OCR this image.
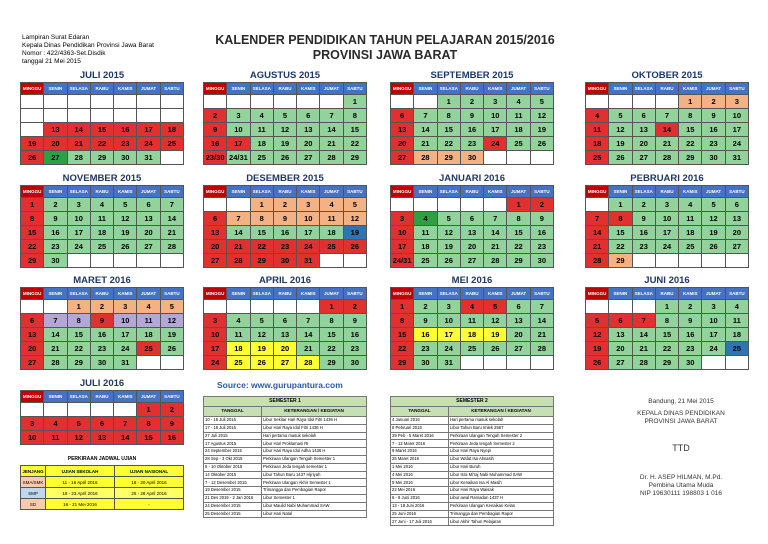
Lampiran Surat Edaran
Kepala Dinas Pendidikan Provinsi Jawa Barat
Nomor : 422/4363-Set.Disdik
tanggal 21 Mei 2015
KALENDER PENDIDIKAN TAHUN PELAJARAN 2015/2016
PROVINSI JAWA BARAT
JULI 2015
MINGGU	SENIN	SELASA	RABU	KAMIS	JUMAT	SABTU

	13	14	15	16	17	18
19	20	21	22	23	24	25
26	27	28	29	30	31	
AGUSTUS 2015
MINGGU	SENIN	SELASA	RABU	KAMIS	JUMAT	SABTU
						1
2	3	4	5	6	7	8
9	10	11	12	13	14	15
16	17	18	19	20	21	22
23/30	24/31	25	26	27	28	29
SEPTEMBER 2015
MINGGU	SENIN	SELASA	RABU	KAMIS	JUMAT	SABTU
		1	2	3	4	5
6	7	8	9	10	11	12
13	14	15	16	17	18	19
20	21	22	23	24	25	26
27	28	29	30			
OKTOBER 2015
MINGGU	SENIN	SELASA	RABU	KAMIS	JUMAT	SABTU
				1	2	3
4	5	6	7	8	9	10
11	12	13	14	15	16	17
18	19	20	21	22	23	24
25	26	27	28	29	30	31
NOVEMBER 2015
MINGGU	SENIN	SELASA	RABU	KAMIS	JUMAT	SABTU
1	2	3	4	5	6	7
8	9	10	11	12	13	14
15	16	17	18	19	20	21
22	23	24	25	26	27	28
29	30					
DESEMBER 2015
MINGGU	SENIN	SELASA	RABU	KAMIS	JUMAT	SABTU
		1	2	3	4	5
6	7	8	9	10	11	12
13	14	15	16	17	18	19
20	21	22	23	24	25	26
27	28	29	30	31		
JANUARI 2016
MINGGU	SENIN	SELASA	RABU	KAMIS	JUMAT	SABTU
					1	2
3	4	5	6	7	8	9
10	11	12	13	14	15	16
17	18	19	20	21	22	23
24/31	25	26	27	28	29	30
PEBRUARI 2016
MINGGU	SENIN	SELASA	RABU	KAMIS	JUMAT	SABTU
	1	2	3	4	5	6
7	8	9	10	11	12	13
14	15	16	17	18	19	20
21	22	23	24	25	26	27
28	29					
MARET 2016
MINGGU	SENIN	SELASA	RABU	KAMIS	JUMAT	SABTU
		1	2	3	4	5
6	7	8	9	10	11	12
13	14	15	16	17	18	19
20	21	22	23	24	25	26
27	28	29	30	31		
APRIL 2016
MINGGU	SENIN	SELASA	RABU	KAMIS	JUMAT	SABTU
					1	2
3	4	5	6	7	8	9
10	11	12	13	14	15	16
17	18	19	20	21	22	23
24	25	26	27	28	29	30
MEI 2016
MINGGU	SENIN	SELASA	RABU	KAMIS	JUMAT	SABTU
1	2	3	4	5	6	7
8	9	10	11	12	13	14
15	16	17	18	19	20	21
22	23	24	25	26	27	28
29	30	31				
JUNI 2016
MINGGU	SENIN	SELASA	RABU	KAMIS	JUMAT	SABTU
			1	2	3	4
5	6	7	8	9	10	11
12	13	14	15	16	17	18
19	20	21	22	23	24	25
26	27	28	29	30		
JULI 2016
MINGGU	SENIN	SELASA	RABU	KAMIS	JUMAT	SABTU
					1	2
3	4	5	6	7	8	9
10	11	12	13	14	15	16
Source: www.gurupantura.com
SEMESTER 1	
TANGGAL	KETERANGAN / KEGIATAN
10 - 16 Juli 2015	Libur Sekitar Hari Raya Idul Fitri 1436 H
17 - 18 Juli 2015	Libur Hari Raya Idul Fitri 1436 H
27 Juli 2015	Hari pertama masuk sekolah
17 Agustus 2015	Libur Hari Proklamasi RI
24 September 2015	Libur Hari Raya Idul Adha 1436 H
28 Sep - 3 Okt 2015	Perkiraan Ulangan Tengah Semester 1
5 - 10 Oktober 2015	Perkiraan Jeda tengah semester 1
14 Oktober 2015	Libur Tahun Baru 1437 Hijriyah
7 - 12 Desember 2015	Perkiraan Ulangan Akhir Semester 1
19 Desember 2015	Trimangga dan Pembagian Rapor
21 Des 2015 - 2 Jan 2016	Libur Semester 1
24 Desember 2015	Libur Maulid Nabi Muhammad SAW
25 Desember 2015	Libur Hari Natal
SEMESTER 2	
TANGGAL	KETERANGAN / KEGIATAN
4 Januari 2016	Hari pertama masuk sekolah
8 Pebruari 2016	Libur Tahun Baru Imlek 2567
29 Peb - 5 Maret 2016	Perkiraan Ulangan Tengah Semester 2
7 - 12 Maret 2016	Perkiraan Jeda tengah Semester 2
9 Maret 2016	Libur Hari Raya Nyepi
25 Maret 2016	Libur Wafat Isa Almasih
1 Mei 2016	Libur Hari Buruh
4 Mei 2016	Libur Isra Mi'raj Nabi Muhammad SAW
5 Mei 2016	Libur Kenaikan Isa Al Masih
22 Mei 2016	Libur Hari Raya Waisak
6 - 8 Juni 2016	Libur awal Ramadan 1437 H
13 - 18 Juni 2016	Perkiraan Ulangan Kenaikan Kelas
25 Juni 2016	Trimangga dan Pembagian Rapor
27 Juni - 17 Juli 2016	Libur Akhir Tahun Pelajaran
PERKIRAAN JADWAL UJIAN
JENJANG	UJIAN SEKOLAH	UJIAN NASIONAL
SMA/SMK	11 - 16 April 2016	18 - 20 April 2016
SMP	18 - 23 April 2016	25 - 28 April 2016
SD	16 - 21 Mei 2016	-
Bandung, 21 Mei 2015
KEPALA DINAS PENDIDIKAN
PROVINSI JAWA BARAT
TTD
Dr. H. ASEP HILMAN, M.Pd.
Pembina Utama Muda
NIP 19630111 198803 1 016
